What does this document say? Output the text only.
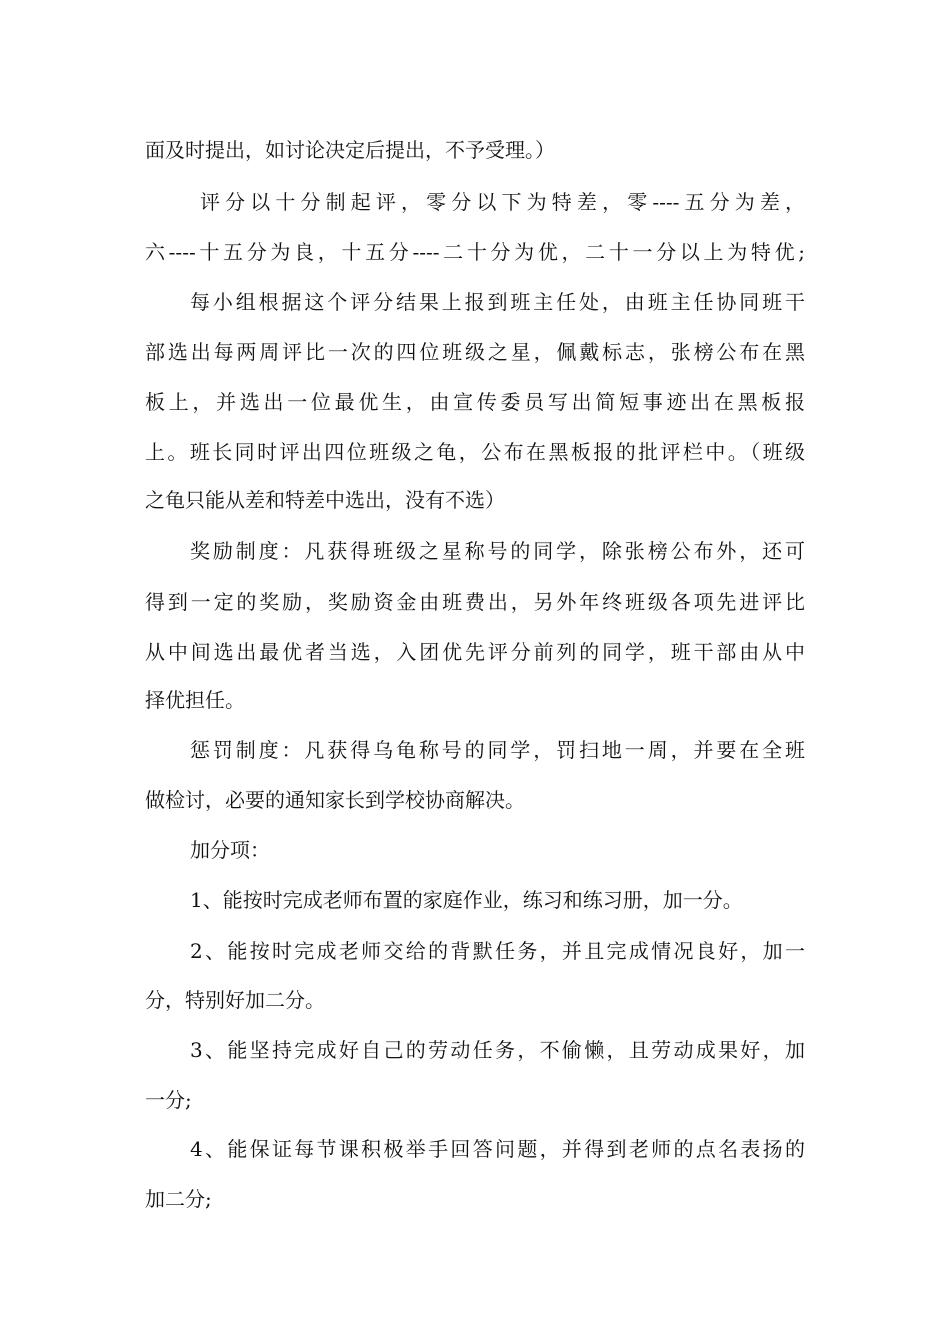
面及时提出，如讨论决定后提出，不予受理。）

评分以十分制起评，零分以下为特差，零----五分为差，

六----十五分为良，十五分----二十分为优，二十一分以上为特优;

每小组根据这个评分结果上报到班主任处，由班主任协同班干

部选出每两周评比一次的四位班级之星，佩戴标志，张榜公布在黑

板上，并选出一位最优生，由宣传委员写出简短事迹出在黑板报

上。班长同时评出四位班级之龟，公布在黑板报的批评栏中。（班级

之龟只能从差和特差中选出，没有不选）

奖励制度：凡获得班级之星称号的同学，除张榜公布外，还可

得到一定的奖励，奖励资金由班费出，另外年终班级各项先进评比

从中间选出最优者当选，入团优先评分前列的同学，班干部由从中

择优担任。

惩罚制度：凡获得乌龟称号的同学，罚扫地一周，并要在全班

做检讨，必要的通知家长到学校协商解决。

加分项：

1、能按时完成老师布置的家庭作业，练习和练习册，加一分。

2、能按时完成老师交给的背默任务，并且完成情况良好，加一

分，特别好加二分。

3、能坚持完成好自己的劳动任务，不偷懒，且劳动成果好，加

一分;

4、能保证每节课积极举手回答问题，并得到老师的点名表扬的

加二分;
